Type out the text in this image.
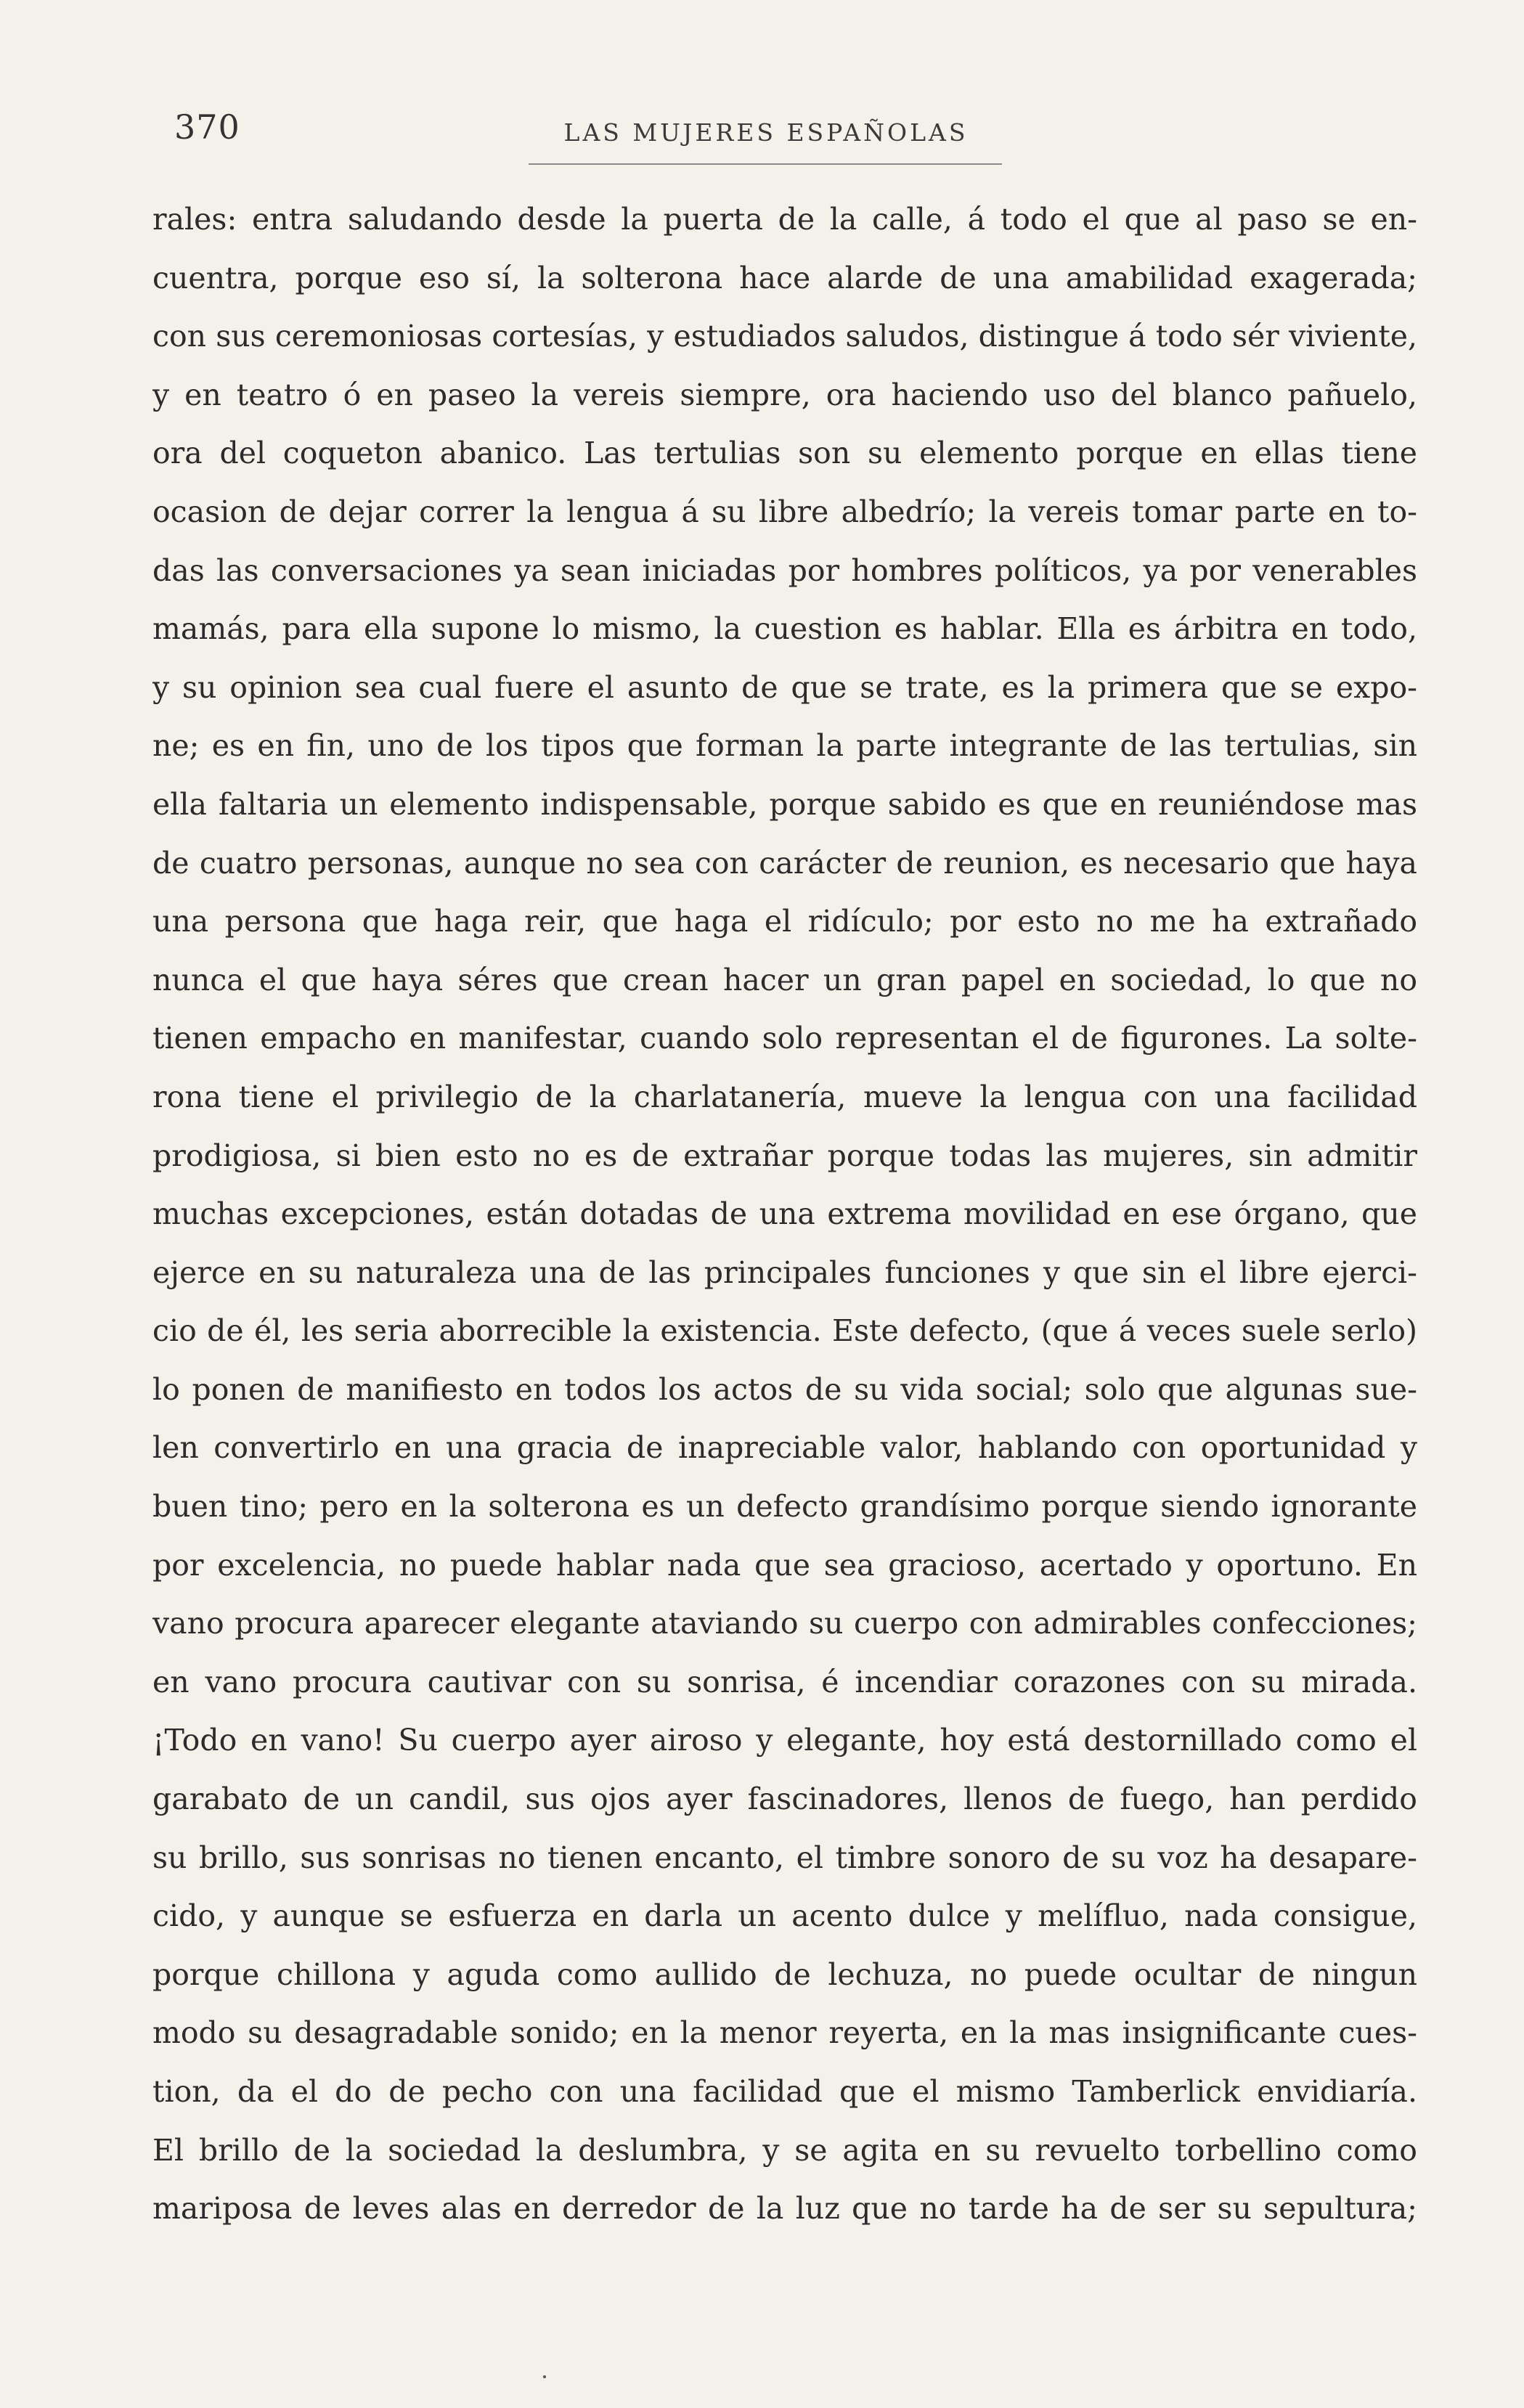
370	LAS MUJERES ESPAÑOLAS
rales: entra saludando desde la puerta de la calle, á todo el que al paso se en-
cuentra, porque eso sí, la solterona hace alarde de una amabilidad exagerada;
con sus ceremoniosas cortesías, y estudiados saludos, distingue á todo sér viviente,
y en teatro ó en paseo la vereis siempre, ora haciendo uso del blanco pañuelo,
ora del coqueton abanico. Las tertulias son su elemento porque en ellas tiene
ocasion de dejar correr la lengua á su libre albedrío; la vereis tomar parte en to-
das las conversaciones ya sean iniciadas por hombres políticos, ya por venerables
mamás, para ella supone lo mismo, la cuestion es hablar. Ella es árbitra en todo,
y su opinion sea cual fuere el asunto de que se trate, es la primera que se expo-
ne; es en fin, uno de los tipos que forman la parte integrante de las tertulias, sin
ella faltaria un elemento indispensable, porque sabido es que en reuniéndose mas
de cuatro personas, aunque no sea con carácter de reunion, es necesario que haya
una persona que haga reir, que haga el ridículo; por esto no me ha extrañado
nunca el que haya séres que crean hacer un gran papel en sociedad, lo que no
tienen empacho en manifestar, cuando solo representan el de figurones. La solte-
rona tiene el privilegio de la charlatanería, mueve la lengua con una facilidad
prodigiosa, si bien esto no es de extrañar porque todas las mujeres, sin admitir
muchas excepciones, están dotadas de una extrema movilidad en ese órgano, que
ejerce en su naturaleza una de las principales funciones y que sin el libre ejerci-
cio de él, les seria aborrecible la existencia. Este defecto, (que á veces suele serlo)
lo ponen de manifiesto en todos los actos de su vida social; solo que algunas sue-
len convertirlo en una gracia de inapreciable valor, hablando con oportunidad y
buen tino; pero en la solterona es un defecto grandísimo porque siendo ignorante
por excelencia, no puede hablar nada que sea gracioso, acertado y oportuno. En
vano procura aparecer elegante ataviando su cuerpo con admirables confecciones;
en vano procura cautivar con su sonrisa, é incendiar corazones con su mirada.
¡Todo en vano! Su cuerpo ayer airoso y elegante, hoy está destornillado como el
garabato de un candil, sus ojos ayer fascinadores, llenos de fuego, han perdido
su brillo, sus sonrisas no tienen encanto, el timbre sonoro de su voz ha desapare-
cido, y aunque se esfuerza en darla un acento dulce y melífluo, nada consigue,
porque chillona y aguda como aullido de lechuza, no puede ocultar de ningun
modo su desagradable sonido; en la menor reyerta, en la mas insignificante cues-
tion, da el do de pecho con una facilidad que el mismo Tamberlick envidiaría.
El brillo de la sociedad la deslumbra, y se agita en su revuelto torbellino como
mariposa de leves alas en derredor de la luz que no tarde ha de ser su sepultura;
